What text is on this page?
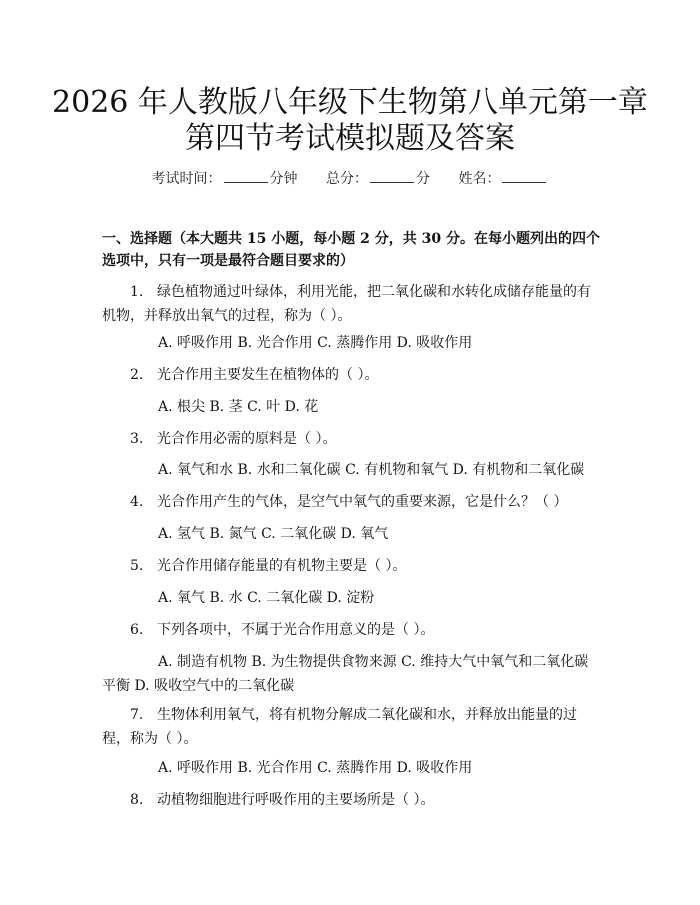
2026 年人教版八年级下生物第八单元第一章
第四节考试模拟题及答案
考试时间：	分钟 总分：	分 姓名：
一、选择题（本大题共 15 小题，每小题 2 分，共 30 分。在每小题列出的四个选项中，只有一项是最符合题目要求的）
1. 绿色植物通过叶绿体，利用光能，把二氧化碳和水转化成储存能量的有机物，并释放出氧气的过程，称为（ ）。
A. 呼吸作用 B. 光合作用 C. 蒸腾作用 D. 吸收作用
2. 光合作用主要发生在植物体的（ ）。
A. 根尖 B. 茎 C. 叶 D. 花
3. 光合作用必需的原料是（ ）。
A. 氧气和水 B. 水和二氧化碳 C. 有机物和氧气 D. 有机物和二氧化碳
4. 光合作用产生的气体，是空气中氧气的重要来源，它是什么？（ ）
A. 氢气 B. 氮气 C. 二氧化碳 D. 氧气
5. 光合作用储存能量的有机物主要是（ ）。
A. 氧气 B. 水 C. 二氧化碳 D. 淀粉
6. 下列各项中，不属于光合作用意义的是（ ）。
A. 制造有机物 B. 为生物提供食物来源 C. 维持大气中氧气和二氧化碳平衡 D. 吸收空气中的二氧化碳
7. 生物体利用氧气，将有机物分解成二氧化碳和水，并释放出能量的过程，称为（ ）。
A. 呼吸作用 B. 光合作用 C. 蒸腾作用 D. 吸收作用
8. 动植物细胞进行呼吸作用的主要场所是（ ）。
